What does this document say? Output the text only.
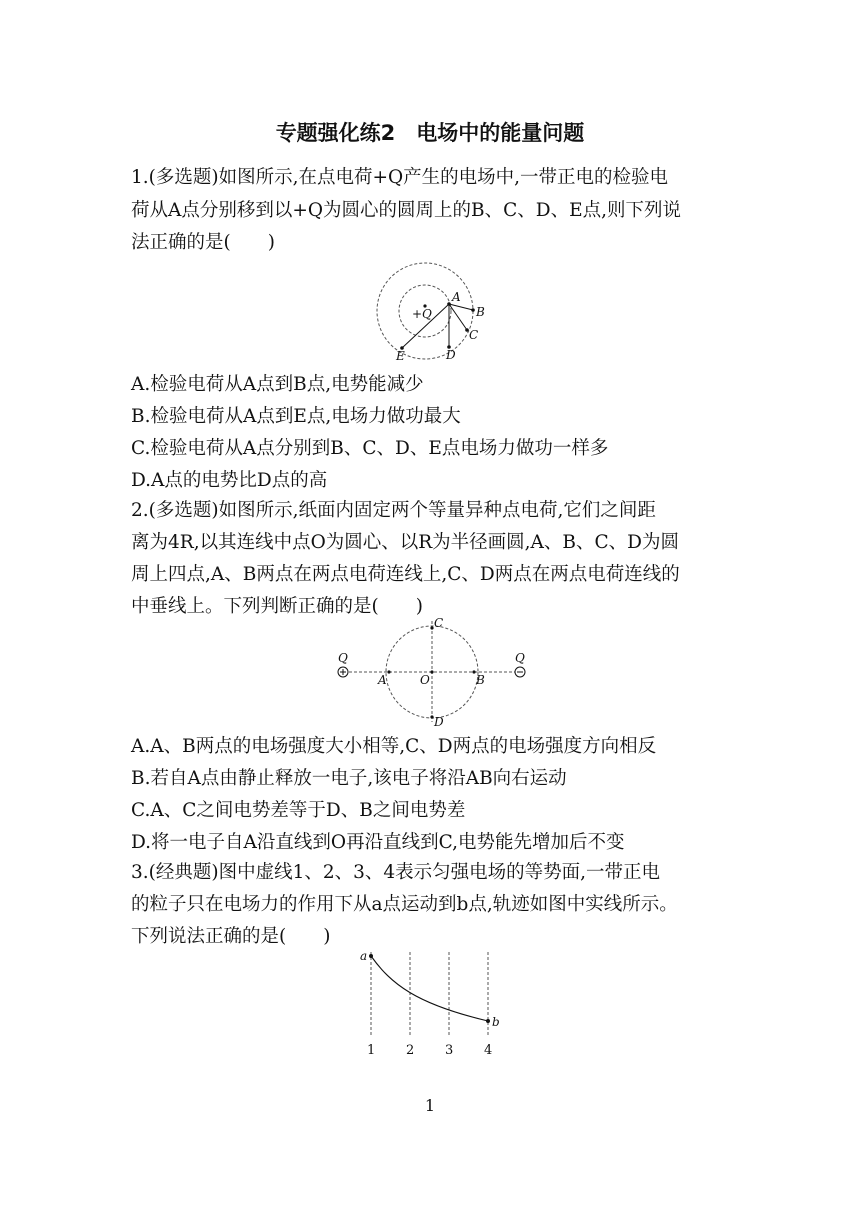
专题强化练2　电场中的能量问题
1.(多选题)如图所示,在点电荷+Q产生的电场中,一带正电的检验电
荷从A点分别移到以+Q为圆心的圆周上的B、C、D、E点,则下列说
法正确的是(　　)
+Q
A
B
C
D
E
A.检验电荷从A点到B点,电势能减少
B.检验电荷从A点到E点,电场力做功最大
C.检验电荷从A点分别到B、C、D、E点电场力做功一样多
D.A点的电势比D点的高
2.(多选题)如图所示,纸面内固定两个等量异种点电荷,它们之间距
离为4R,以其连线中点O为圆心、以R为半径画圆,A、B、C、D为圆
周上四点,A、B两点在两点电荷连线上,C、D两点在两点电荷连线的
中垂线上。下列判断正确的是(　　)
Q	Q
A	O	B
C
D
A.A、B两点的电场强度大小相等,C、D两点的电场强度方向相反
B.若自A点由静止释放一电子,该电子将沿AB向右运动
C.A、C之间电势差等于D、B之间电势差
D.将一电子自A沿直线到O再沿直线到C,电势能先增加后不变
3.(经典题)图中虚线1、2、3、4表示匀强电场的等势面,一带正电
的粒子只在电场力的作用下从a点运动到b点,轨迹如图中实线所示。
下列说法正确的是(　　)
a
b
1 2 3 4
1
